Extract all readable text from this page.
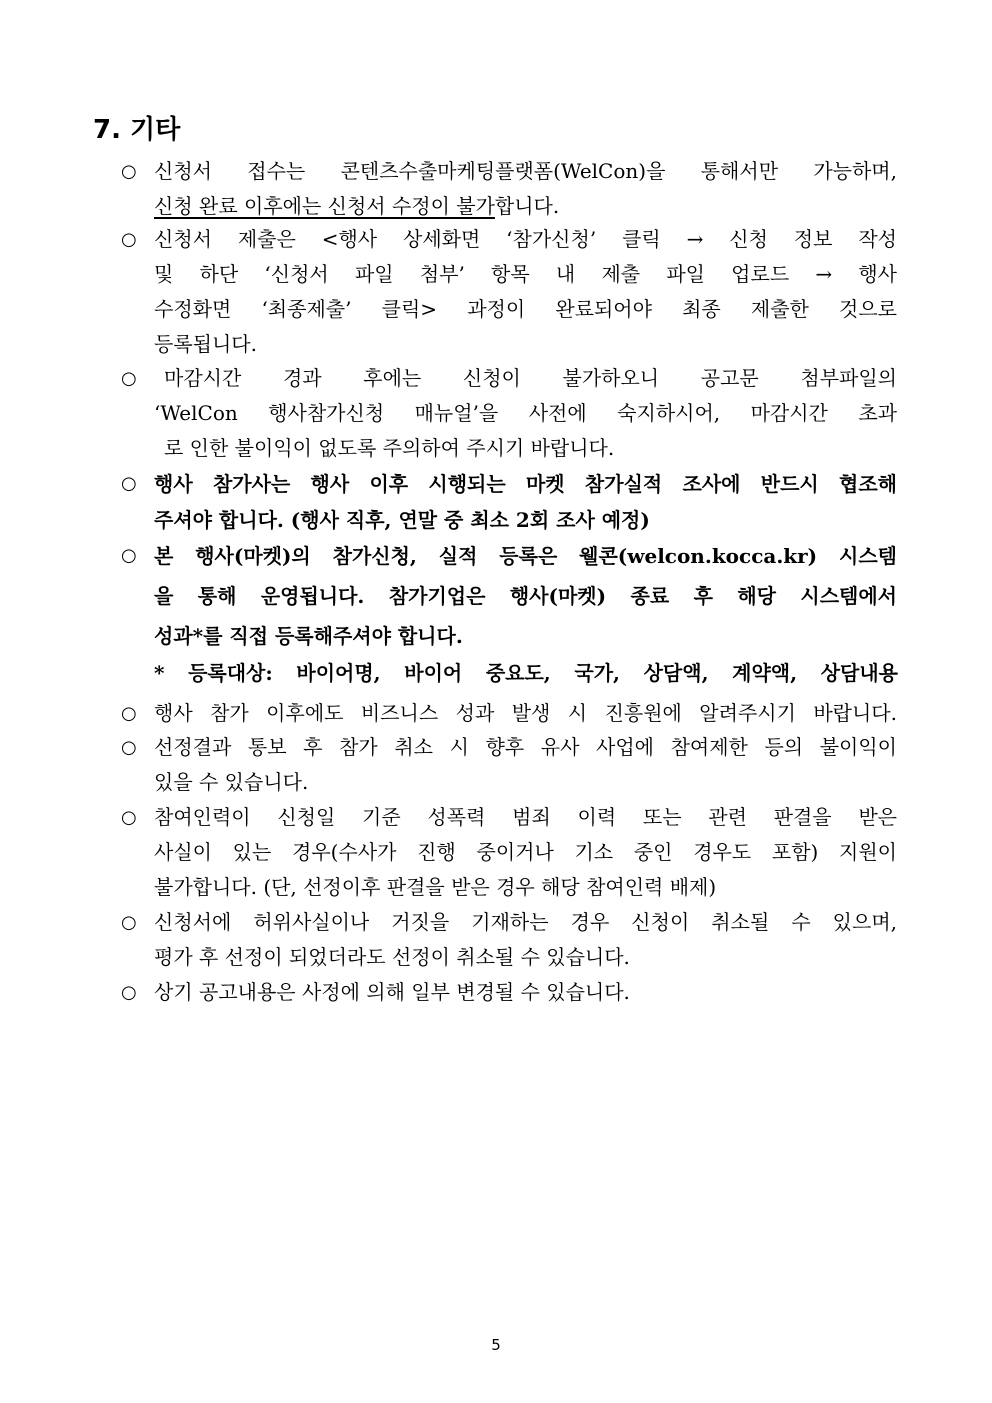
7. 기타
○ 신청서 접수는 콘텐츠수출마케팅플랫폼(WelCon)을 통해서만 가능하며,
신청 완료 이후에는 신청서 수정이 불가합니다.
○ 신청서 제출은 <행사 상세화면 ‘참가신청’ 클릭 → 신청 정보 작성
및 하단 ‘신청서 파일 첨부’ 항목 내 제출 파일 업로드 → 행사
수정화면 ‘최종제출’ 클릭> 과정이 완료되어야 최종 제출한 것으로
등록됩니다.
○	마감시간 경과 후에는 신청이 불가하오니 공고문 첨부파일의
‘WelCon 행사참가신청 매뉴얼’을 사전에 숙지하시어, 마감시간 초과
로 인한 불이익이 없도록 주의하여 주시기 바랍니다.
○ 행사 참가사는 행사 이후 시행되는 마켓 참가실적 조사에 반드시 협조해
주셔야 합니다. (행사 직후, 연말 중 최소 2회 조사 예정)
○ 본 행사(마켓)의 참가신청, 실적 등록은 웰콘(welcon.kocca.kr) 시스템
을 통해 운영됩니다. 참가기업은 행사(마켓) 종료 후 해당 시스템에서
성과*를 직접 등록해주셔야 합니다.
* 등록대상: 바이어명, 바이어 중요도, 국가, 상담액, 계약액, 상담내용
○ 행사 참가 이후에도 비즈니스 성과 발생 시 진흥원에 알려주시기 바랍니다.
○ 선정결과 통보 후 참가 취소 시 향후 유사 사업에 참여제한 등의 불이익이
있을 수 있습니다.
○ 참여인력이 신청일 기준 성폭력 범죄 이력 또는 관련 판결을 받은
사실이 있는 경우(수사가 진행 중이거나 기소 중인 경우도 포함) 지원이
불가합니다. (단, 선정이후 판결을 받은 경우 해당 참여인력 배제)
○ 신청서에 허위사실이나 거짓을 기재하는 경우 신청이 취소될 수 있으며,
평가 후 선정이 되었더라도 선정이 취소될 수 있습니다.
○ 상기 공고내용은 사정에 의해 일부 변경될 수 있습니다.
5
